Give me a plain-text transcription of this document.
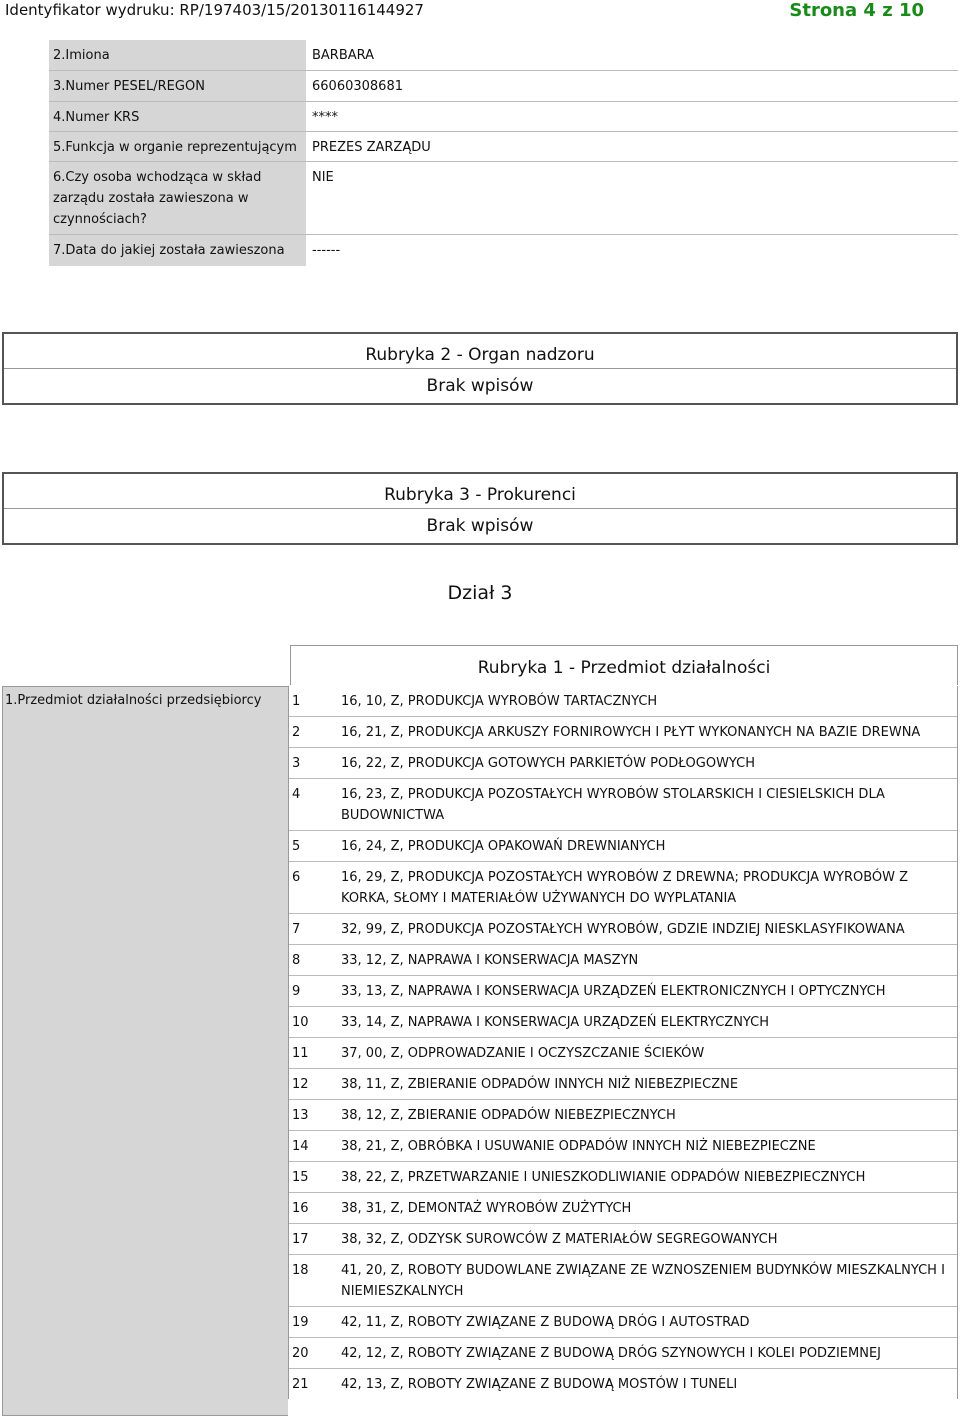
Identyfikator wydruku: RP/197403/15/20130116144927	Strona 4 z 10
2.Imiona	BARBARA
3.Numer PESEL/REGON	66060308681
4.Numer KRS	****
5.Funkcja w organie reprezentującym	PREZES ZARZĄDU
6.Czy osoba wchodząca w skład zarządu została zawieszona w czynnościach?
NIE
7.Data do jakiej została zawieszona	------
Rubryka 2 - Organ nadzoru
Brak wpisów
Rubryka 3 - Prokurenci
Brak wpisów
Dział 3
Rubryka 1 - Przedmiot działalności
1.Przedmiot działalności przedsiębiorcy	1	16, 10, Z, PRODUKCJA WYROBÓW TARTACZNYCH
2	16, 21, Z, PRODUKCJA ARKUSZY FORNIROWYCH I PŁYT WYKONANYCH NA BAZIE DREWNA
3	16, 22, Z, PRODUKCJA GOTOWYCH PARKIETÓW PODŁOGOWYCH
4	16, 23, Z, PRODUKCJA POZOSTAŁYCH WYROBÓW STOLARSKICH I CIESIELSKICH DLA BUDOWNICTWA
5	16, 24, Z, PRODUKCJA OPAKOWAŃ DREWNIANYCH
6	16, 29, Z, PRODUKCJA POZOSTAŁYCH WYROBÓW Z DREWNA; PRODUKCJA WYROBÓW Z KORKA, SŁOMY I MATERIAŁÓW UŻYWANYCH DO WYPLATANIA
7	32, 99, Z, PRODUKCJA POZOSTAŁYCH WYROBÓW, GDZIE INDZIEJ NIESKLASYFIKOWANA
8	33, 12, Z, NAPRAWA I KONSERWACJA MASZYN
9	33, 13, Z, NAPRAWA I KONSERWACJA URZĄDZEŃ ELEKTRONICZNYCH I OPTYCZNYCH
10	33, 14, Z, NAPRAWA I KONSERWACJA URZĄDZEŃ ELEKTRYCZNYCH
11	37, 00, Z, ODPROWADZANIE I OCZYSZCZANIE ŚCIEKÓW
12	38, 11, Z, ZBIERANIE ODPADÓW INNYCH NIŻ NIEBEZPIECZNE
13	38, 12, Z, ZBIERANIE ODPADÓW NIEBEZPIECZNYCH
14	38, 21, Z, OBRÓBKA I USUWANIE ODPADÓW INNYCH NIŻ NIEBEZPIECZNE
15	38, 22, Z, PRZETWARZANIE I UNIESZKODLIWIANIE ODPADÓW NIEBEZPIECZNYCH
16	38, 31, Z, DEMONTAŻ WYROBÓW ZUŻYTYCH
17	38, 32, Z, ODZYSK SUROWCÓW Z MATERIAŁÓW SEGREGOWANYCH
18	41, 20, Z, ROBOTY BUDOWLANE ZWIĄZANE ZE WZNOSZENIEM BUDYNKÓW MIESZKALNYCH I NIEMIESZKALNYCH
19	42, 11, Z, ROBOTY ZWIĄZANE Z BUDOWĄ DRÓG I AUTOSTRAD
20	42, 12, Z, ROBOTY ZWIĄZANE Z BUDOWĄ DRÓG SZYNOWYCH I KOLEI PODZIEMNEJ
21	42, 13, Z, ROBOTY ZWIĄZANE Z BUDOWĄ MOSTÓW I TUNELI
